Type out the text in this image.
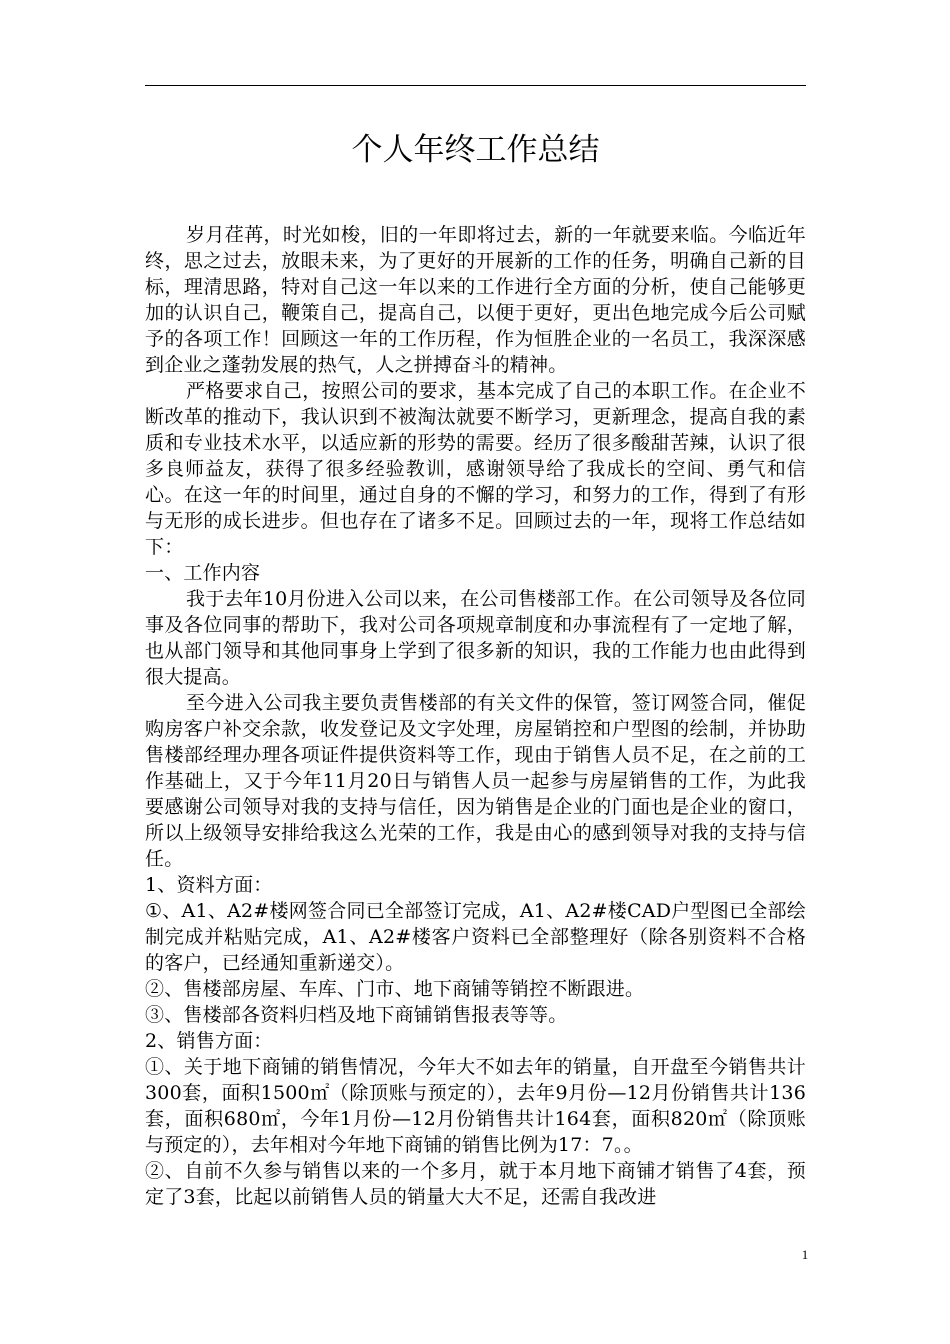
个人年终工作总结

岁月荏苒，时光如梭，旧的一年即将过去，新的一年就要来临。今临近年终，思之过去，放眼未来，为了更好的开展新的工作的任务，明确自己新的目标，理清思路，特对自己这一年以来的工作进行全方面的分析，使自己能够更加的认识自己，鞭策自己，提高自己，以便于更好，更出色地完成今后公司赋予的各项工作！回顾这一年的工作历程，作为恒胜企业的一名员工，我深深感到企业之蓬勃发展的热气，人之拼搏奋斗的精神。

严格要求自己，按照公司的要求，基本完成了自己的本职工作。在企业不断改革的推动下，我认识到不被淘汰就要不断学习，更新理念，提高自我的素质和专业技术水平，以适应新的形势的需要。经历了很多酸甜苦辣，认识了很多良师益友，获得了很多经验教训，感谢领导给了我成长的空间、勇气和信心。在这一年的时间里，通过自身的不懈的学习，和努力的工作，得到了有形与无形的成长进步。但也存在了诸多不足。回顾过去的一年，现将工作总结如下：

一、工作内容

我于去年10月份进入公司以来，在公司售楼部工作。在公司领导及各位同事及各位同事的帮助下，我对公司各项规章制度和办事流程有了一定地了解，也从部门领导和其他同事身上学到了很多新的知识，我的工作能力也由此得到很大提高。

至今进入公司我主要负责售楼部的有关文件的保管，签订网签合同，催促购房客户补交余款，收发登记及文字处理，房屋销控和户型图的绘制，并协助售楼部经理办理各项证件提供资料等工作，现由于销售人员不足，在之前的工作基础上，又于今年11月20日与销售人员一起参与房屋销售的工作，为此我要感谢公司领导对我的支持与信任，因为销售是企业的门面也是企业的窗口，所以上级领导安排给我这么光荣的工作，我是由心的感到领导对我的支持与信任。

1、资料方面：

①、A1、A2#楼网签合同已全部签订完成，A1、A2#楼CAD户型图已全部绘制完成并粘贴完成，A1、A2#楼客户资料已全部整理好（除各别资料不合格的客户，已经通知重新递交）。

②、售楼部房屋、车库、门市、地下商铺等销控不断跟进。

③、售楼部各资料归档及地下商铺销售报表等等。

2、销售方面：

①、关于地下商铺的销售情况，今年大不如去年的销量，自开盘至今销售共计300套，面积1500㎡（除顶账与预定的），去年9月份—12月份销售共计136套，面积680㎡，今年1月份—12月份销售共计164套，面积820㎡（除顶账与预定的），去年相对今年地下商铺的销售比例为17：7。。

②、自前不久参与销售以来的一个多月，就于本月地下商铺才销售了4套，预定了3套，比起以前销售人员的销量大大不足，还需自我改进

1
